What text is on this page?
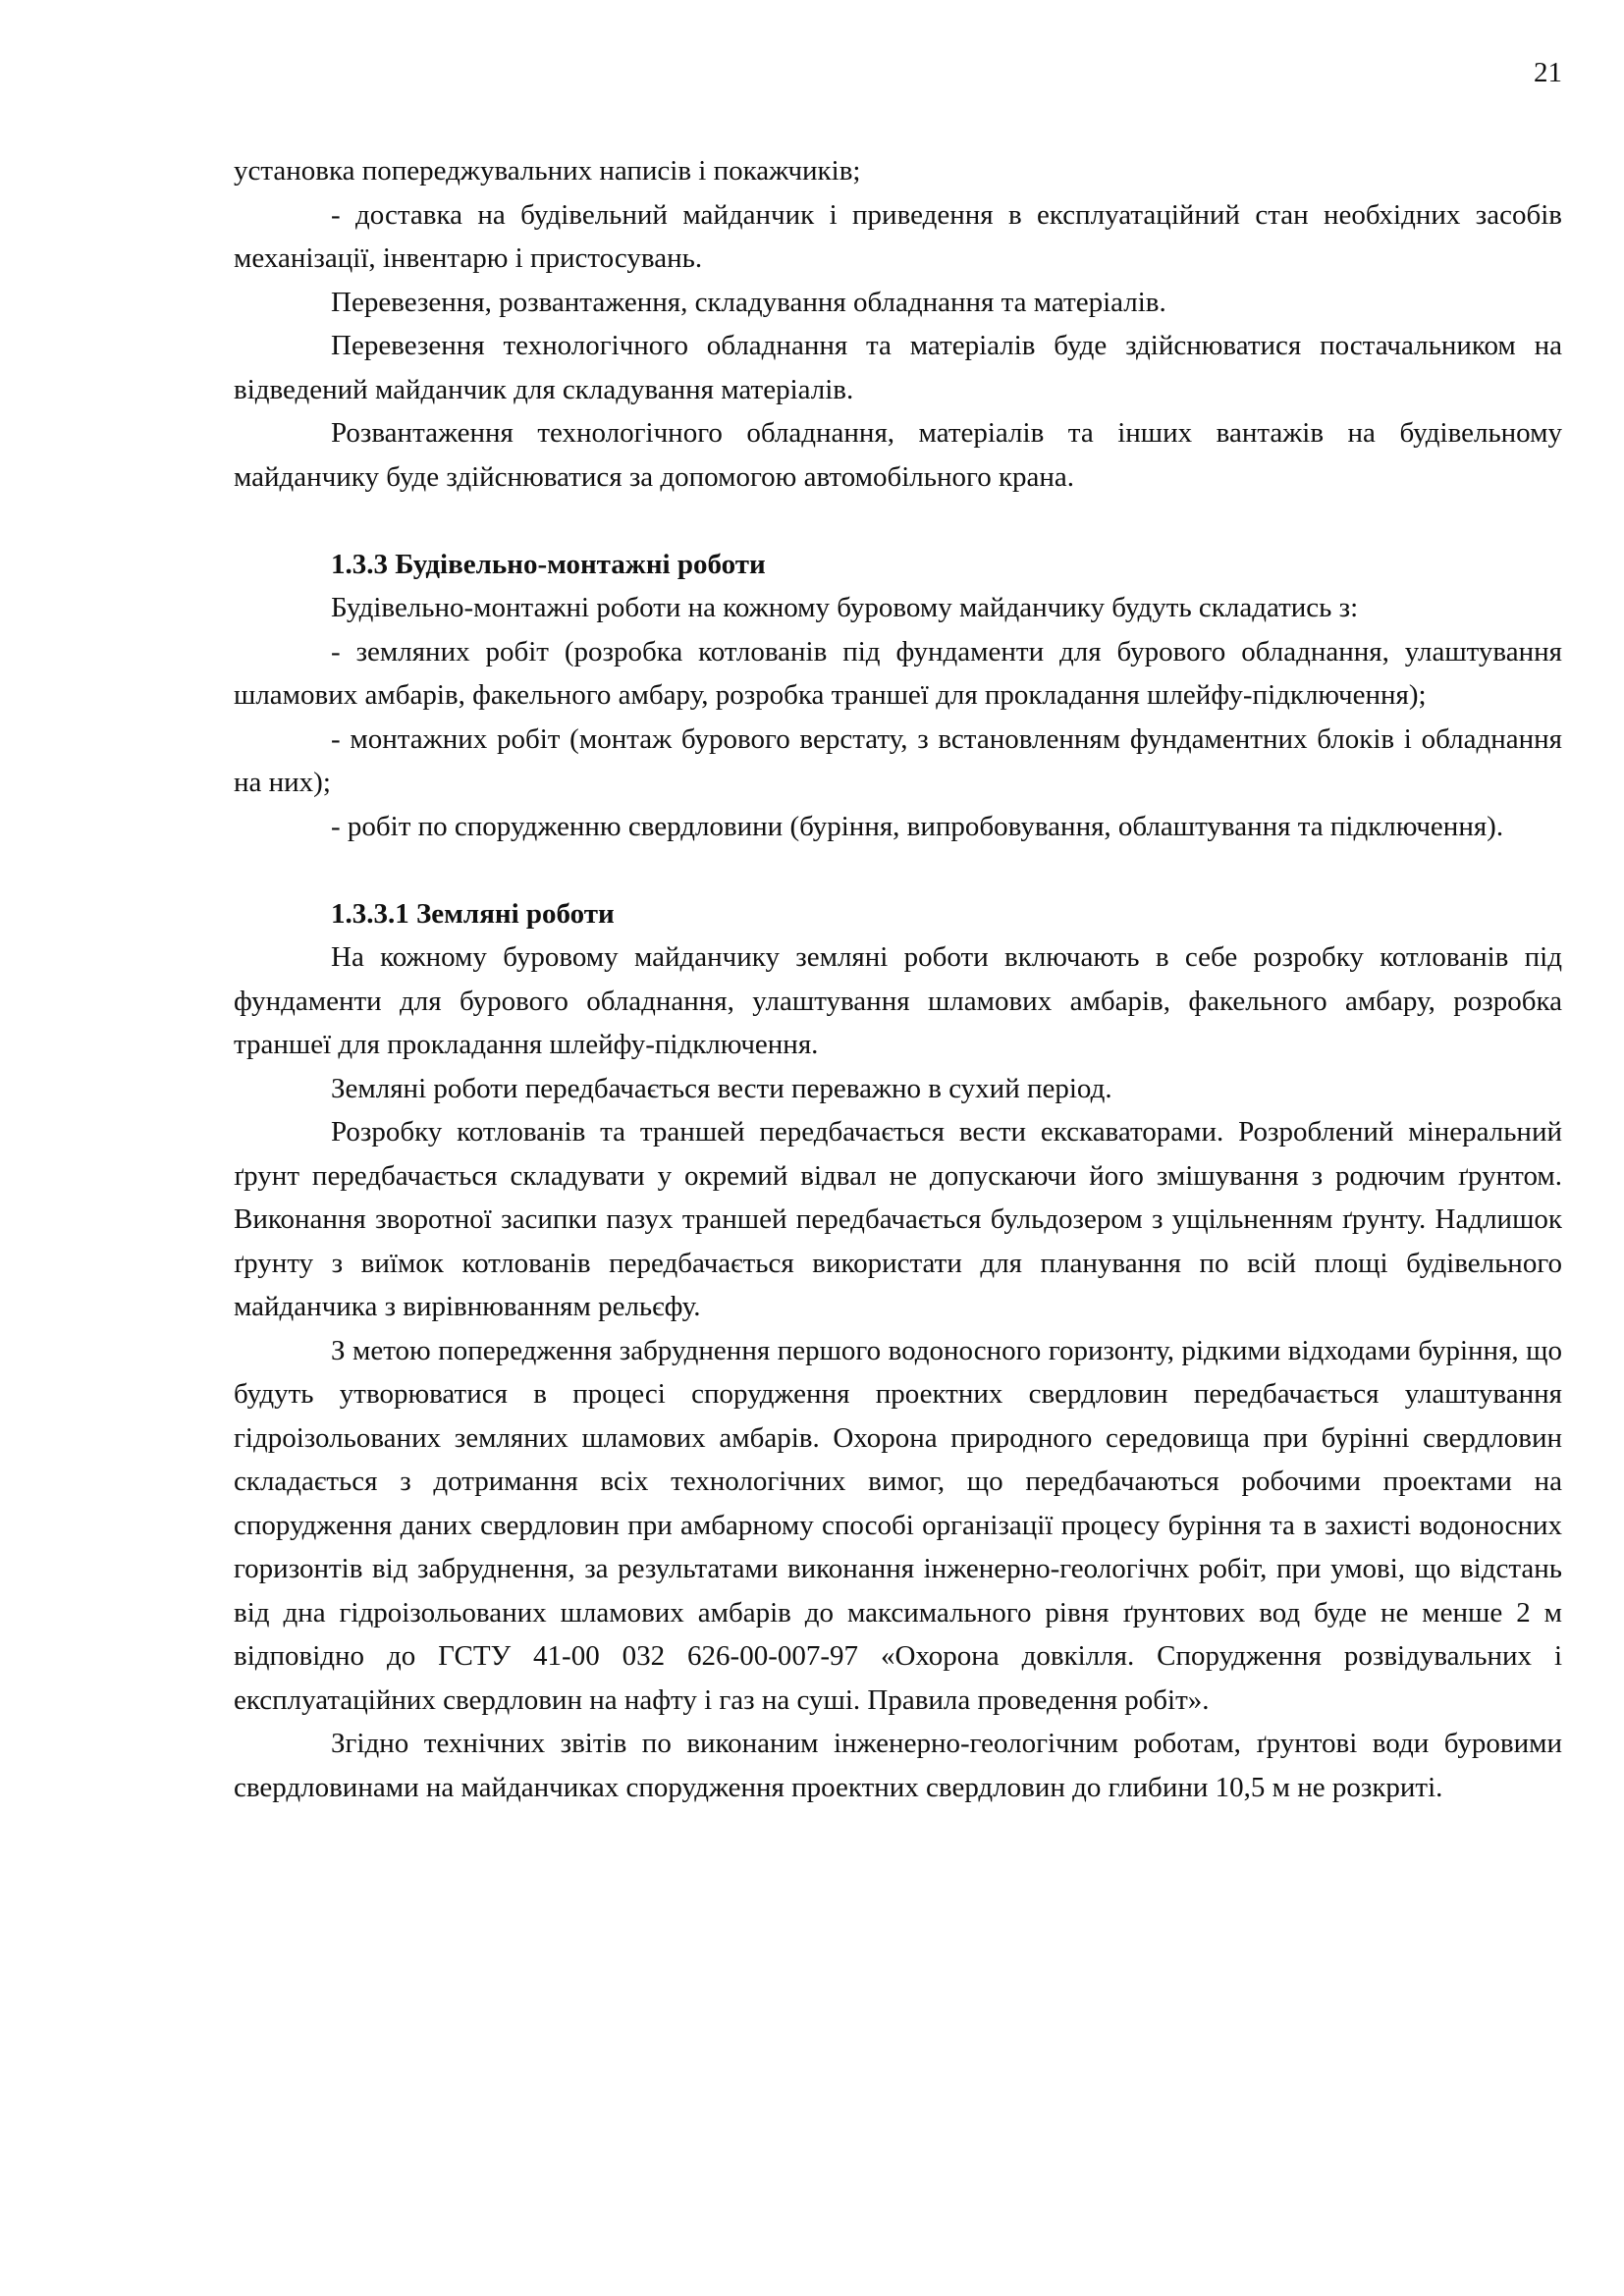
21

установка попереджувальних написів і покажчиків;

- доставка на будівельний майданчик і приведення в експлуатаційний стан необхідних засобів механізації, інвентарю і пристосувань.

Перевезення, розвантаження, складування обладнання та матеріалів.

Перевезення технологічного обладнання та матеріалів буде здійснюватися постачальником на відведений майданчик для складування матеріалів.

Розвантаження технологічного обладнання, матеріалів та інших вантажів на будівельному майданчику буде здійснюватися за допомогою автомобільного крана.

1.3.3 Будівельно-монтажні роботи

Будівельно-монтажні роботи на кожному буровому майданчику будуть складатись з:

- земляних робіт (розробка котлованів під фундаменти для бурового обладнання, улаштування шламових амбарів, факельного амбару, розробка траншеї для прокладання шлейфу-підключення);

- монтажних робіт (монтаж бурового верстату, з встановленням фундаментних блоків і обладнання на них);

- робіт по спорудженню свердловини (буріння, випробовування, облаштування та підключення).

1.3.3.1 Земляні роботи

На кожному буровому майданчику земляні роботи включають в себе розробку котлованів під фундаменти для бурового обладнання, улаштування шламових амбарів, факельного амбару, розробка траншеї для прокладання шлейфу-підключення.

Земляні роботи передбачається вести переважно в сухий період.

Розробку котлованів та траншей передбачається вести екскаваторами. Розроблений мінеральний ґрунт передбачається складувати у окремий відвал не допускаючи його змішування з родючим ґрунтом. Виконання зворотної засипки пазух траншей передбачається бульдозером з ущільненням ґрунту. Надлишок ґрунту з виїмок котлованів передбачається використати для планування по всій площі будівельного майданчика з вирівнюванням рельєфу.

З метою попередження забруднення першого водоносного горизонту, рідкими відходами буріння, що будуть утворюватися в процесі спорудження проектних свердловин передбачається улаштування гідроізольованих земляних шламових амбарів. Охорона природного середовища при бурінні свердловин складається з дотримання всіх технологічних вимог, що передбачаються робочими проектами на спорудження даних свердловин при амбарному способі організації процесу буріння та в захисті водоносних горизонтів від забруднення, за результатами виконання інженерно-геологічнх робіт, при умові, що відстань від дна гідроізольованих шламових амбарів до максимального рівня ґрунтових вод буде не менше 2 м відповідно до ГСТУ 41-00 032 626-00-007-97 «Охорона довкілля. Спорудження розвідувальних і експлуатаційних свердловин на нафту і газ на суші. Правила проведення робіт».

Згідно технічних звітів по виконаним інженерно-геологічним роботам, ґрунтові води буровими свердловинами на майданчиках спорудження проектних свердловин до глибини 10,5 м не розкриті.
